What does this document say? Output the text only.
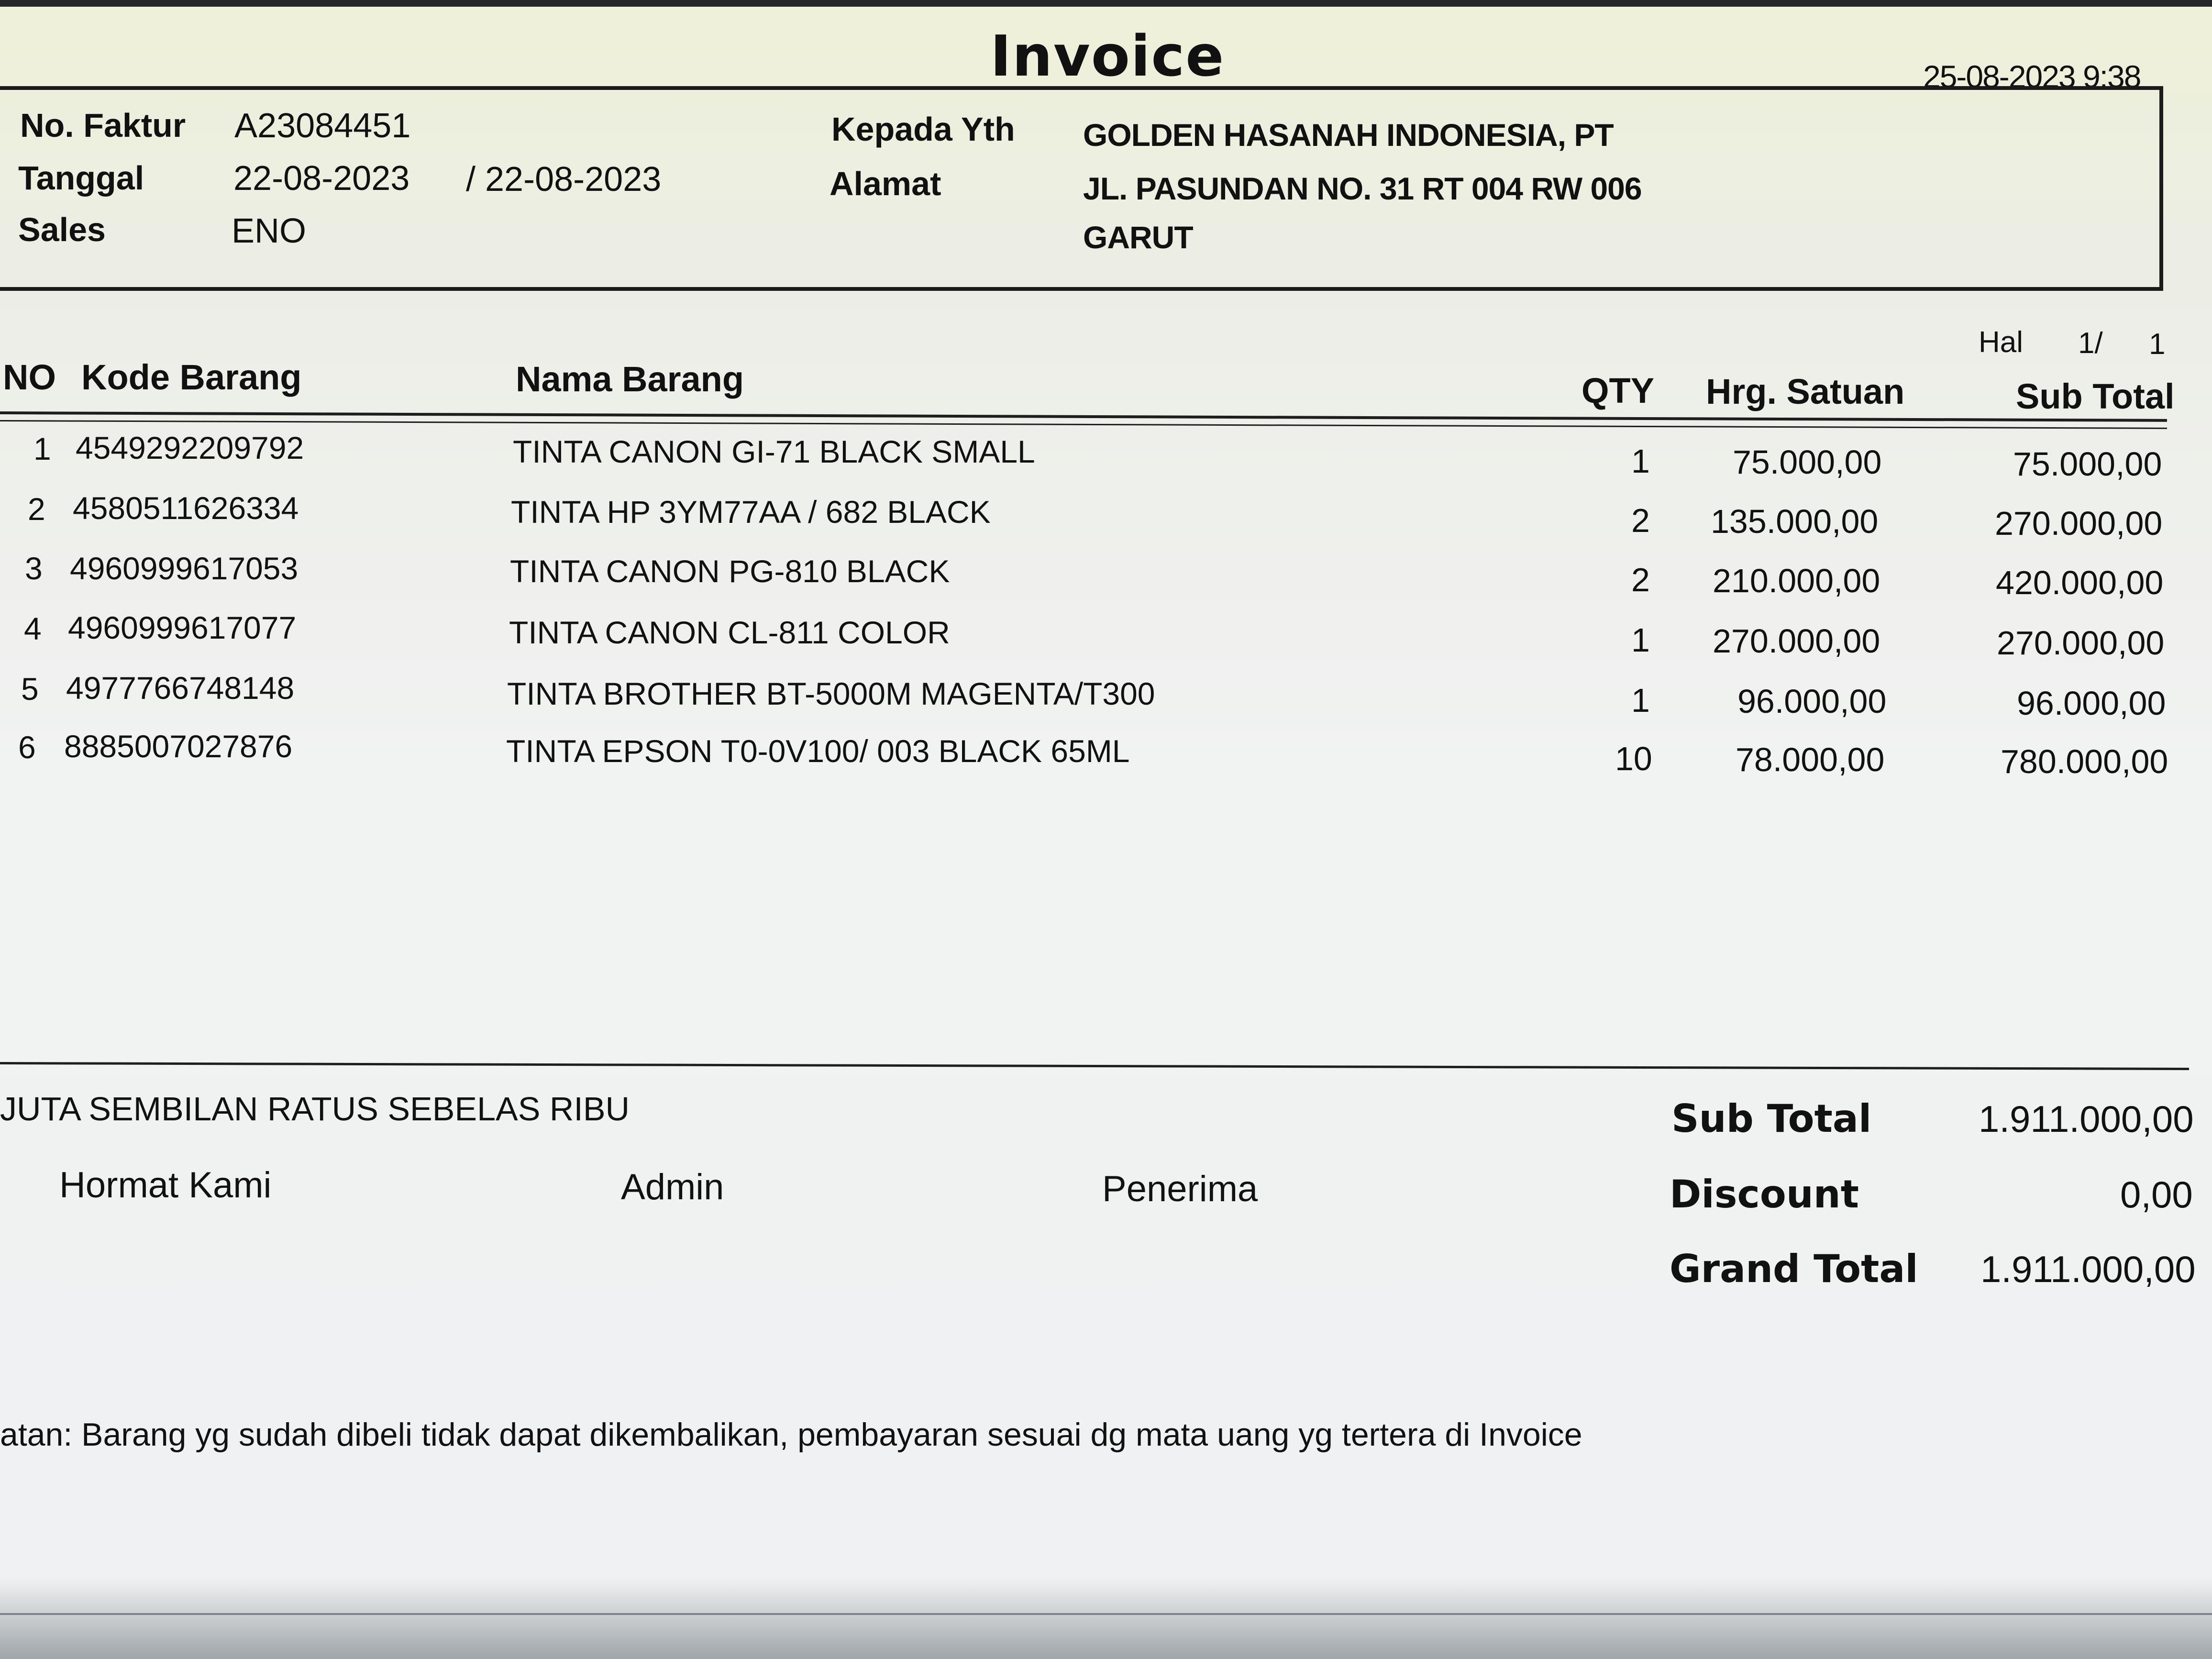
Invoice	25-08-2023 9:38
No. Faktur A23084451
Tanggal	22-08-2023 / 22-08-2023
Sales	ENO
Kepada Yth GOLDEN HASANAH INDONESIA, PT
Alamat	JL. PASUNDAN NO. 31 RT 004 RW 006
GARUT
Hal 1/ 1
NO Kode Barang	Nama Barang	QTY Hrg. Satuan	Sub Total
1 4549292209792	TINTA CANON GI-71 BLACK SMALL	1 75.000,00	75.000,00
2 4580511626334	TINTA HP 3YM77AA / 682 BLACK	2 135.000,00	270.000,00
3 4960999617053	TINTA CANON PG-810 BLACK	2 210.000,00	420.000,00
4 4960999617077	TINTA CANON CL-811 COLOR	1 270.000,00	270.000,00
5 4977766748148	TINTA BROTHER BT-5000M MAGENTA/T300	1	96.000,00	96.000,00
6 8885007027876	TINTA EPSON T0-0V100/ 003 BLACK 65ML	10 78.000,00	780.000,00
JUTA SEMBILAN RATUS SEBELAS RIBU
Hormat Kami	Admin	Penerima
Sub Total	1.911.000,00
Discount	0,00
Grand Total 1.911.000,00
atan: Barang yg sudah dibeli tidak dapat dikembalikan, pembayaran sesuai dg mata uang yg tertera di Invoice
